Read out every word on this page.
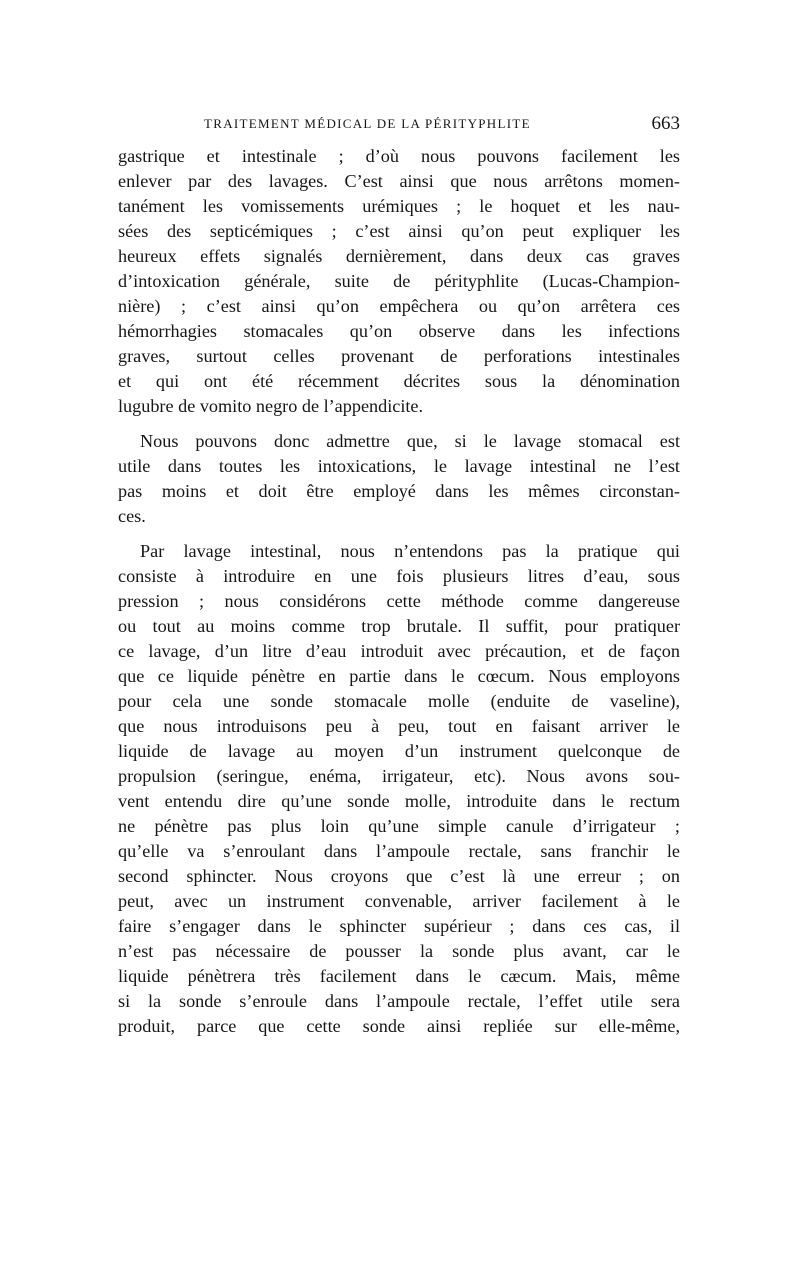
TRAITEMENT MÉDICAL DE LA PÉRITYPHLITE	663
gastrique et intestinale ; d’où nous pouvons facilement les
enlever par des lavages. C’est ainsi que nous arrêtons momen-
tanément les vomissements urémiques ; le hoquet et les nau-
sées des septicémiques ; c’est ainsi qu’on peut expliquer les
heureux effets signalés dernièrement, dans deux cas graves
d’intoxication générale, suite de pérityphlite (Lucas-Champion-
nière) ; c’est ainsi qu’on empêchera ou qu’on arrêtera ces
hémorrhagies stomacales qu’on observe dans les infections
graves, surtout celles provenant de perforations intestinales
et qui ont été récemment décrites sous la dénomination
lugubre de vomito negro de l’appendicite.
Nous pouvons donc admettre que, si le lavage stomacal est
utile dans toutes les intoxications, le lavage intestinal ne l’est
pas moins et doit être employé dans les mêmes circonstan-
ces.
Par lavage intestinal, nous n’entendons pas la pratique qui
consiste à introduire en une fois plusieurs litres d’eau, sous
pression ; nous considérons cette méthode comme dangereuse
ou tout au moins comme trop brutale. Il suffit, pour pratiquer
ce lavage, d’un litre d’eau introduit avec précaution, et de façon
que ce liquide pénètre en partie dans le cœcum. Nous employons
pour cela une sonde stomacale molle (enduite de vaseline),
que nous introduisons peu à peu, tout en faisant arriver le
liquide de lavage au moyen d’un instrument quelconque de
propulsion (seringue, enéma, irrigateur, etc). Nous avons sou-
vent entendu dire qu’une sonde molle, introduite dans le rectum
ne pénètre pas plus loin qu’une simple canule d’irrigateur ;
qu’elle va s’enroulant dans l’ampoule rectale, sans franchir le
second sphincter. Nous croyons que c’est là une erreur ; on
peut, avec un instrument convenable, arriver facilement à le
faire s’engager dans le sphincter supérieur ; dans ces cas, il
n’est pas nécessaire de pousser la sonde plus avant, car le
liquide pénètrera très facilement dans le cæcum. Mais, même
si la sonde s’enroule dans l’ampoule rectale, l’effet utile sera
produit, parce que cette sonde ainsi repliée sur elle-même,
